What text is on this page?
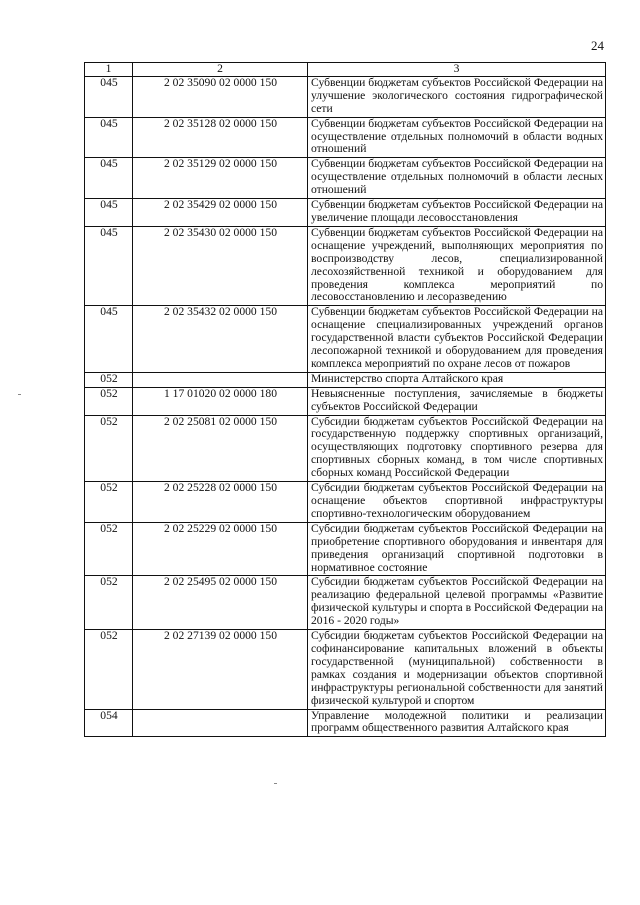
24
1	2	3
045	2 02 35090 02 0000 150	Субвенции бюджетам субъектов Российской Федерации на улучшение экологического состояния гидрографической сети
045	2 02 35128 02 0000 150	Субвенции бюджетам субъектов Российской Федерации на осуществление отдельных полномочий в области водных отношений
045	2 02 35129 02 0000 150	Субвенции бюджетам субъектов Российской Федерации на осуществление отдельных полномочий в области лесных отношений
045	2 02 35429 02 0000 150	Субвенции бюджетам субъектов Российской Федерации на увеличение площади лесовосстановления
045	2 02 35430 02 0000 150	Субвенции бюджетам субъектов Российской Федерации на оснащение учреждений, выполняющих мероприятия по воспроизводству лесов, специализированной лесохозяйственной техникой и оборудованием для проведения комплекса мероприятий по лесовосстановлению и лесоразведению
045	2 02 35432 02 0000 150	Субвенции бюджетам субъектов Российской Федерации на оснащение специализированных учреждений органов государственной власти субъектов Российской Федерации лесопожарной техникой и оборудованием для проведения комплекса мероприятий по охране лесов от пожаров
052		Министерство спорта Алтайского края
052	1 17 01020 02 0000 180	Невыясненные поступления, зачисляемые в бюджеты субъектов Российской Федерации
052	2 02 25081 02 0000 150	Субсидии бюджетам субъектов Российской Федерации на государственную поддержку спортивных организаций, осуществляющих подготовку спортивного резерва для спортивных сборных команд, в том числе спортивных сборных команд Российской Федерации
052	2 02 25228 02 0000 150	Субсидии бюджетам субъектов Российской Федерации на оснащение объектов спортивной инфраструктуры спортивно-технологическим оборудованием
052	2 02 25229 02 0000 150	Субсидии бюджетам субъектов Российской Федерации на приобретение спортивного оборудования и инвентаря для приведения организаций спортивной подготовки в нормативное состояние
052	2 02 25495 02 0000 150	Субсидии бюджетам субъектов Российской Федерации на реализацию федеральной целевой программы «Развитие физической культуры и спорта в Российской Федерации на 2016 - 2020 годы»
052	2 02 27139 02 0000 150	Субсидии бюджетам субъектов Российской Федерации на софинансирование капитальных вложений в объекты государственной (муниципальной) собственности в рамках создания и модернизации объектов спортивной инфраструктуры региональной собственности для занятий физической культурой и спортом
054		Управление молодежной политики и реализации программ общественного развития Алтайского края
